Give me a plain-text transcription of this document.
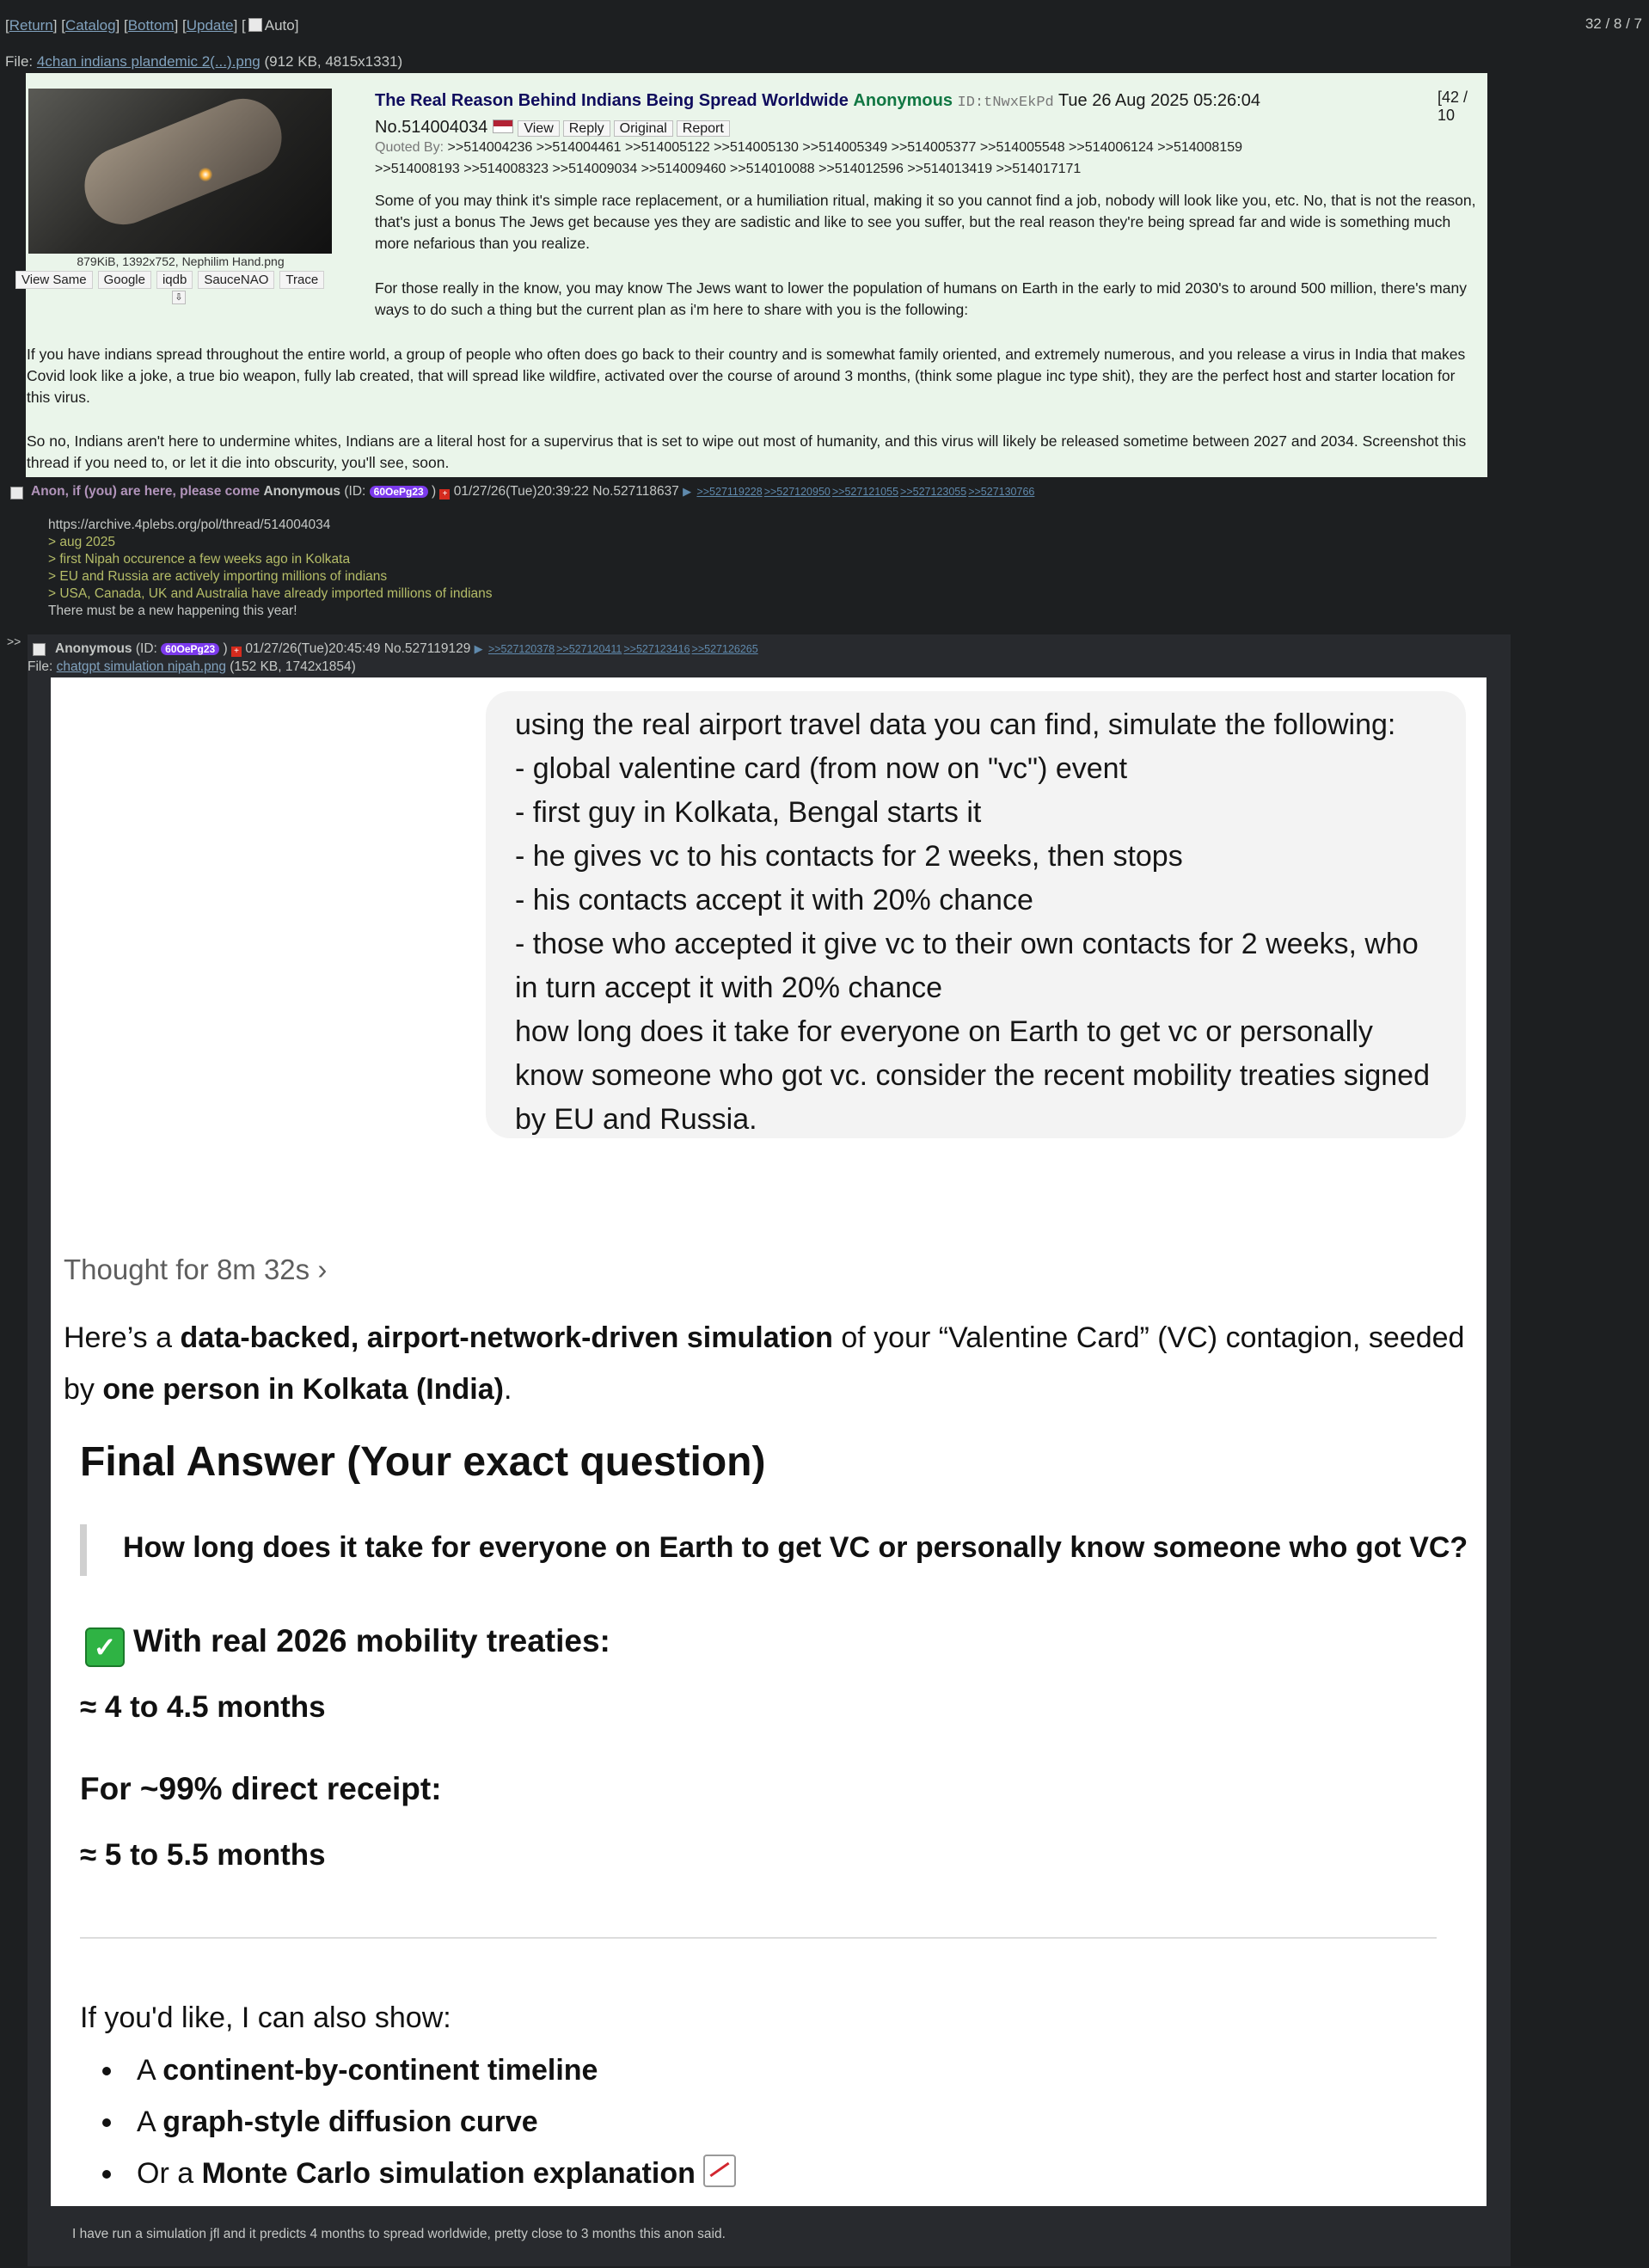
[Return] [Catalog] [Bottom] [Update] [ Auto]	32 / 8 / 7
File: 4chan indians plandemic 2(...).png (912 KB, 4815x1331)
879KiB, 1392x752, Nephilim Hand.png
View Same	Google	iqdb	SauceNAO	Trace
⇩
The Real Reason Behind Indians Being Spread Worldwide Anonymous ID:tNwxEkPd Tue 26 Aug 2025 05:26:04
No.514004034	View Reply Original Report
[42 / 10
Quoted By: >>514004236 >>514004461 >>514005122 >>514005130 >>514005349 >>514005377 >>514005548 >>514006124 >>514008159
>>514008193 >>514008323 >>514009034 >>514009460 >>514010088 >>514012596 >>514013419 >>514017171
Some of you may think it's simple race replacement, or a humiliation ritual, making it so you cannot find a job, nobody will look like you, etc. No, that is not the reason, that's just a bonus The Jews get because yes they are sadistic and like to see you suffer, but the real reason they're being spread far and wide is something much more nefarious than you realize.
For those really in the know, you may know The Jews want to lower the population of humans on Earth in the early to mid 2030's to around 500 million, there's many ways to do such a thing but the current plan as i'm here to share with you is the following:
If you have indians spread throughout the entire world, a group of people who often does go back to their country and is somewhat family oriented, and extremely numerous, and you release a virus in India that makes Covid look like a joke, a true bio weapon, fully lab created, that will spread like wildfire, activated over the course of around 3 months, (think some plague inc type shit), they are the perfect host and starter location for this virus.
So no, Indians aren't here to undermine whites, Indians are a literal host for a supervirus that is set to wipe out most of humanity, and this virus will likely be released sometime between 2027 and 2034. Screenshot this thread if you need to, or let it die into obscurity, you'll see, soon.
Anon, if (you) are here, please come Anonymous (ID: 60OePg23 ) + 01/27/26(Tue)20:39:22 No.527118637 ▶ >>527119228 >>527120950 >>527121055 >>527123055 >>527130766
https://archive.4plebs.org/pol/thread/514004034
> aug 2025
> first Nipah occurence a few weeks ago in Kolkata
> EU and Russia are actively importing millions of indians
> USA, Canada, UK and Australia have already imported millions of indians
There must be a new happening this year!
>>	Anonymous (ID: 60OePg23 ) + 01/27/26(Tue)20:45:49 No.527119129 ▶ >>527120378 >>527120411 >>527123416 >>527126265
File: chatgpt simulation nipah.png (152 KB, 1742x1854)
using the real airport travel data you can find, simulate the following:
- global valentine card (from now on "vc") event
- first guy in Kolkata, Bengal starts it
- he gives vc to his contacts for 2 weeks, then stops
- his contacts accept it with 20% chance
- those who accepted it give vc to their own contacts for 2 weeks, who
in turn accept it with 20% chance
how long does it take for everyone on Earth to get vc or personally
know someone who got vc. consider the recent mobility treaties signed
by EU and Russia.
Thought for 8m 32s ›
Here’s a data-backed, airport-network-driven simulation of your “Valentine Card” (VC) contagion, seeded by one person in Kolkata (India).
Final Answer (Your exact question)
How long does it take for everyone on Earth to get VC or personally know someone who got VC?
✓ With real 2026 mobility treaties:
≈ 4 to 4.5 months
For ~99% direct receipt:
≈ 5 to 5.5 months
If you'd like, I can also show:
A continent-by-continent timeline
A graph-style diffusion curve
Or a Monte Carlo simulation explanation
I have run a simulation jfl and it predicts 4 months to spread worldwide, pretty close to 3 months this anon said.
